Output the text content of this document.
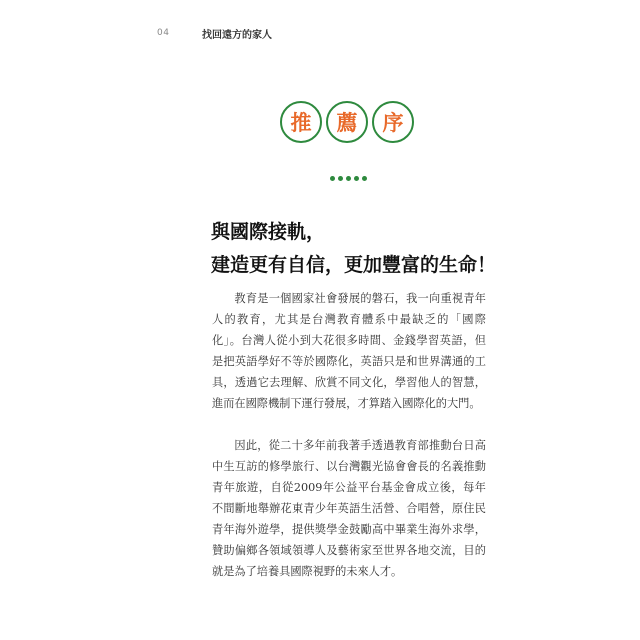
04	找回遠方的家人
推	薦	序
與國際接軌，
建造更有自信，更加豐富的生命！

教育是一個國家社會發展的磐石，我一向重視青年人的教育，尤其是台灣教育體系中最缺乏的「國際化」。台灣人從小到大花很多時間、金錢學習英語，但是把英語學好不等於國際化，英語只是和世界溝通的工具，透過它去理解、欣賞不同文化，學習他人的智慧，進而在國際機制下運行發展，才算踏入國際化的大門。

因此，從二十多年前我著手透過教育部推動台日高中生互訪的修學旅行、以台灣觀光協會會長的名義推動青年旅遊，自從2009年公益平台基金會成立後，每年不間斷地舉辦花東青少年英語生活營、合唱營，原住民青年海外遊學，提供獎學金鼓勵高中畢業生海外求學，贊助偏鄉各領域領導人及藝術家至世界各地交流，目的就是為了培養具國際視野的未來人才。
